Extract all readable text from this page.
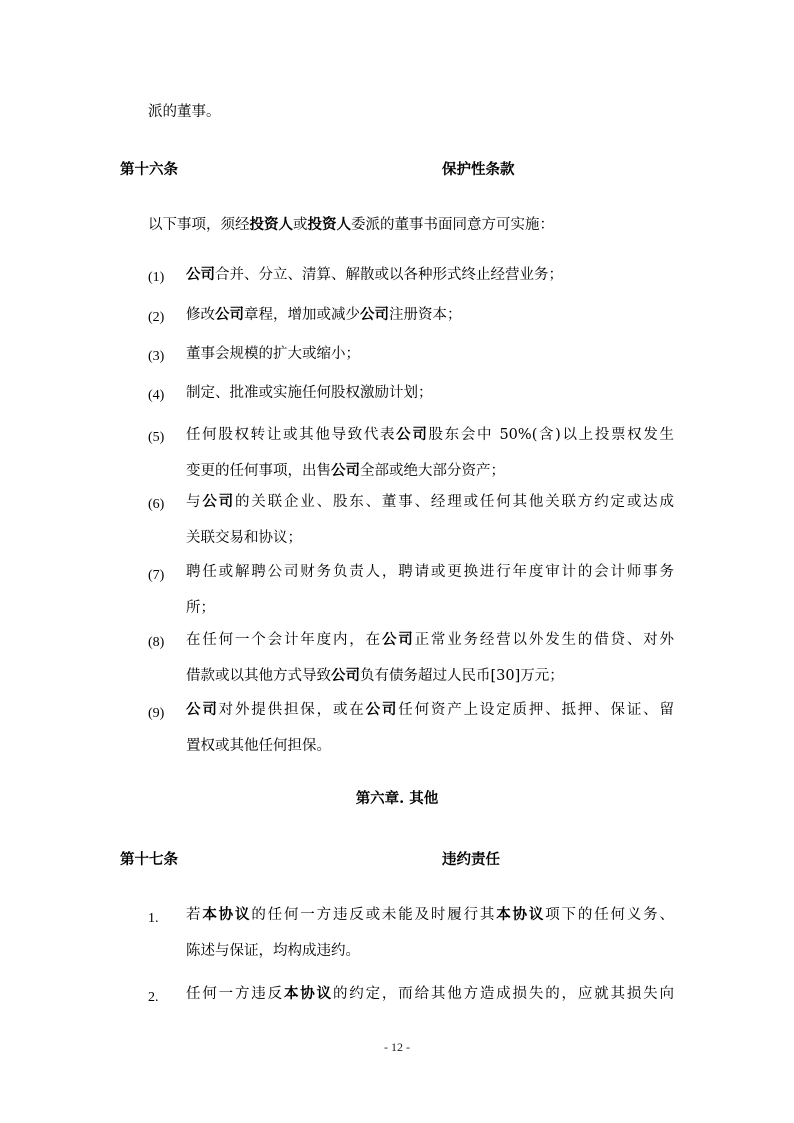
派的董事。
第十六条	保护性条款
以下事项，须经投资人或投资人委派的董事书面同意方可实施：
(1) 公司合并、分立、清算、解散或以各种形式终止经营业务；
(2) 修改公司章程，增加或减少公司注册资本；
(3) 董事会规模的扩大或缩小；
(4) 制定、批准或实施任何股权激励计划；
(5) 任何股权转让或其他导致代表公司股东会中 50%(含)以上投票权发生
变更的任何事项，出售公司全部或绝大部分资产；
(6) 与公司的关联企业、股东、董事、经理或任何其他关联方约定或达成
关联交易和协议；
(7) 聘任或解聘公司财务负责人，聘请或更换进行年度审计的会计师事务
所；
(8) 在任何一个会计年度内，在公司正常业务经营以外发生的借贷、对外
借款或以其他方式导致公司负有债务超过人民币[30]万元；
(9) 公司对外提供担保，或在公司任何资产上设定质押、抵押、保证、留
置权或其他任何担保。
第六章. 其他
第十七条	违约责任
1. 若本协议的任何一方违反或未能及时履行其本协议项下的任何义务、
陈述与保证，均构成违约。
2. 任何一方违反本协议的约定，而给其他方造成损失的，应就其损失向
- 12 -
